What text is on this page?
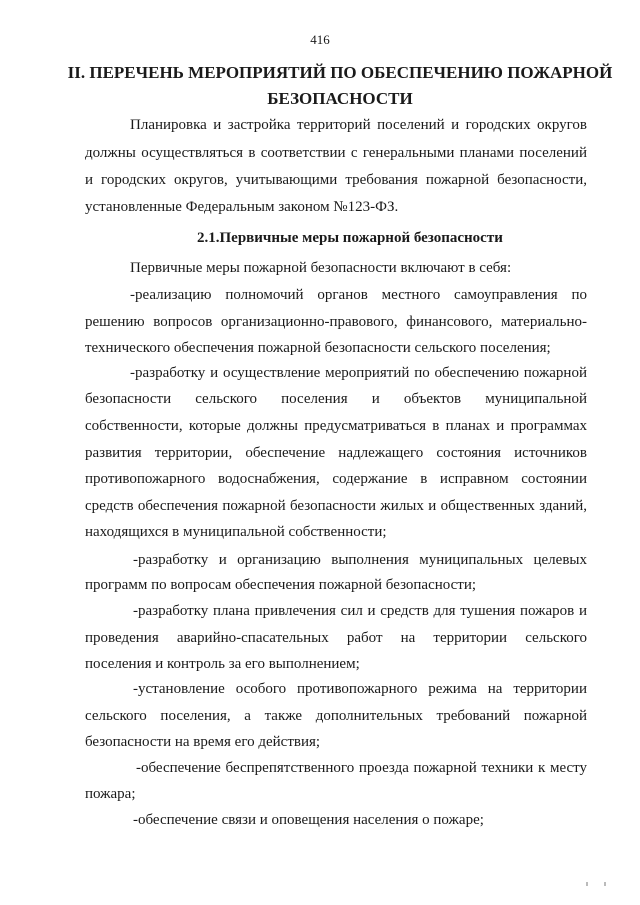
416
II. ПЕРЕЧЕНЬ МЕРОПРИЯТИЙ ПО ОБЕСПЕЧЕНИЮ ПОЖАРНОЙ
БЕЗОПАСНОСТИ
Планировка и застройка территорий поселений и городских округов
должны осуществляться в соответствии с генеральными планами поселений
и городских округов, учитывающими требования пожарной безопасности,
установленные Федеральным законом №123-ФЗ.
2.1.Первичные меры пожарной безопасности
Первичные меры пожарной безопасности включают в себя:
-реализацию полномочий органов местного самоуправления по
решению вопросов организационно-правового, финансового, материально-
технического обеспечения пожарной безопасности сельского поселения;
-разработку и осуществление мероприятий по обеспечению пожарной
безопасности сельского поселения и объектов муниципальной
собственности, которые должны предусматриваться в планах и программах
развития территории, обеспечение надлежащего состояния источников
противопожарного водоснабжения, содержание в исправном состоянии
средств обеспечения пожарной безопасности жилых и общественных зданий,
находящихся в муниципальной собственности;
-разработку и организацию выполнения муниципальных целевых
программ по вопросам обеспечения пожарной безопасности;
-разработку плана привлечения сил и средств для тушения пожаров и
проведения аварийно-спасательных работ на территории сельского
поселения и контроль за его выполнением;
-установление особого противопожарного режима на территории
сельского поселения, а также дополнительных требований пожарной
безопасности на время его действия;
-обеспечение беспрепятственного проезда пожарной техники к месту
пожара;
-обеспечение связи и оповещения населения о пожаре;
